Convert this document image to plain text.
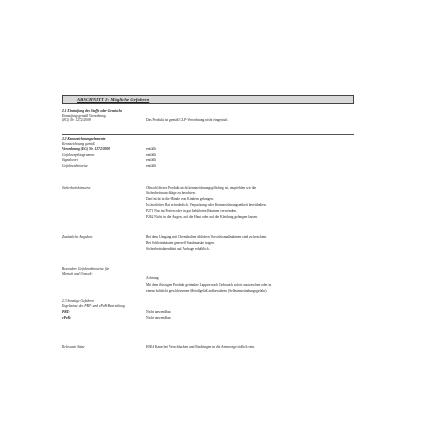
ABSCHNITT 2: Mögliche Gefahren
2.1 Einstufung des Stoffs oder Gemischs
Einstufung gemäß Verordnung
(EG) Nr. 1272/2008	Das Produkt ist gemäß CLP-Verordnung nicht eingestuft.
2.2 Kennzeichnungselemente
Kennzeichnung gemäß
Verordnung (EG) Nr. 1272/2008	entfällt
Gefahrenpiktogramme	entfällt
Signalwort	entfällt
Gefahrenhinweise	entfällt
Sicherheitshinweise	Obwohl dieses Produkt nicht kennzeichnungspflichtig ist, empfehlen wir die
Sicherheitsratschläge zu beachten:
Darf nicht in die Hände von Kindern gelangen.
Ist ärztlicher Rat erforderlich, Verpackung oder Kennzeichnungsetikett bereithalten.
P271 Nur im Freien oder in gut belüfteten Räumen verwenden.
P262 Nicht in die Augen, auf die Haut oder auf die Kleidung gelangen lassen.
Zusätzliche Angaben:	Bei dem Umgang mit Chemikalien üblichen Vorsichtsmaßnahmen sind zu beachten.
Bei Schleimhäuten generell Staubmaske tragen.
Sicherheitsdatenblatt auf Anfrage erhältlich.
Besondere Gefahrenhinweise für
Mensch und Umwelt:
Achtung:
Mit dem flüssigen Produkt getränkte Lappen nach Gebrauch sofort auswaschen oder in
einem luftdicht geschlossenen Metallgefäß aufbewahren (Selbstentzündungsgefahr).
2.3 Sonstige Gefahren
Ergebnisse der PBT- und vPvB-Beurteilung
PBT:	Nicht anwendbar.
vPvB:	Nicht anwendbar.
Relevante Sätze	H304 Kann bei Verschlucken und Eindringen in die Atemwege tödlich sein.
